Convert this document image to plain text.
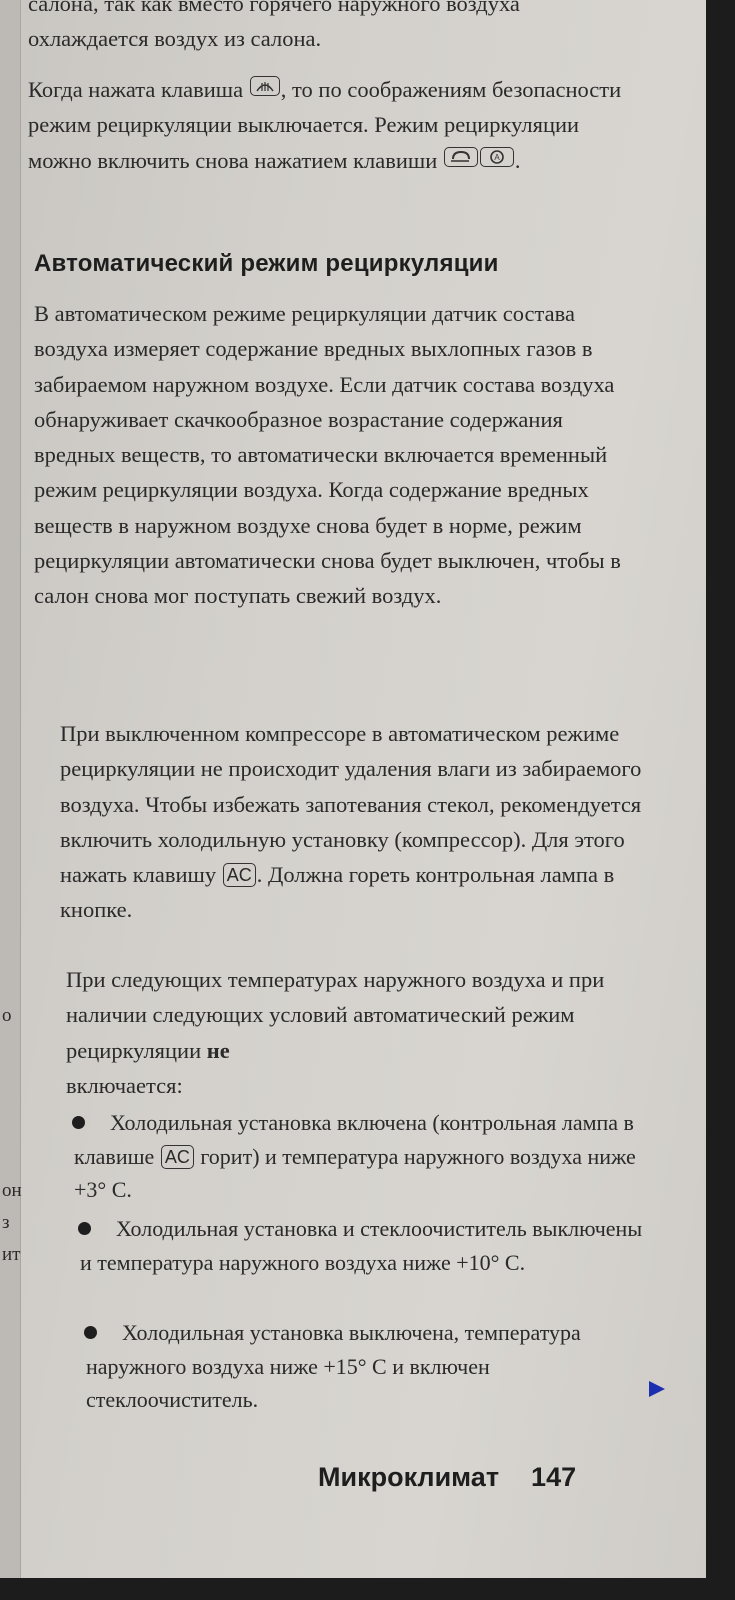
о
он
з
ит

салона, так как вместо горячего наружного воздуха
охлаждается воздух из салона.

Когда нажата клавиша , то по соображениям безопасности режим рециркуляции выключается. Режим рециркуляции можно включить снова нажатием клавиши	A .

Автоматический режим рециркуляции

В автоматическом режиме рециркуляции датчик состава воздуха измеряет содержание вредных выхлопных газов в забираемом наружном воздухе. Если датчик состава воздуха обнаруживает скачкообразное возрастание содержания вредных веществ, то автоматически включается временный режим рециркуляции воздуха. Когда содержание вредных веществ в наружном воздухе снова будет в норме, режим рециркуляции автоматически снова будет выключен, чтобы в салон снова мог поступать свежий воздух.

При выключенном компрессоре в автоматическом режиме рециркуляции не происходит удаления влаги из забираемого воздуха. Чтобы избежать запотевания стекол, рекомендуется включить холодильную установку (компрессор). Для этого нажать клавишу AC . Должна гореть контрольная лампа в кнопке.

При следующих температурах наружного воздуха и при наличии следующих условий автоматический режим рециркуляции не
включается:

Холодильная установка включена (контрольная лампа в клавише AC горит) и температура наружного воздуха ниже +3° С.
Холодильная установка и стеклоочиститель выключены и температура наружного воздуха ниже +10° С.
Холодильная установка выключена, температура наружного воздуха ниже +15° С и включен стеклоочиститель.
Микроклимат 147
